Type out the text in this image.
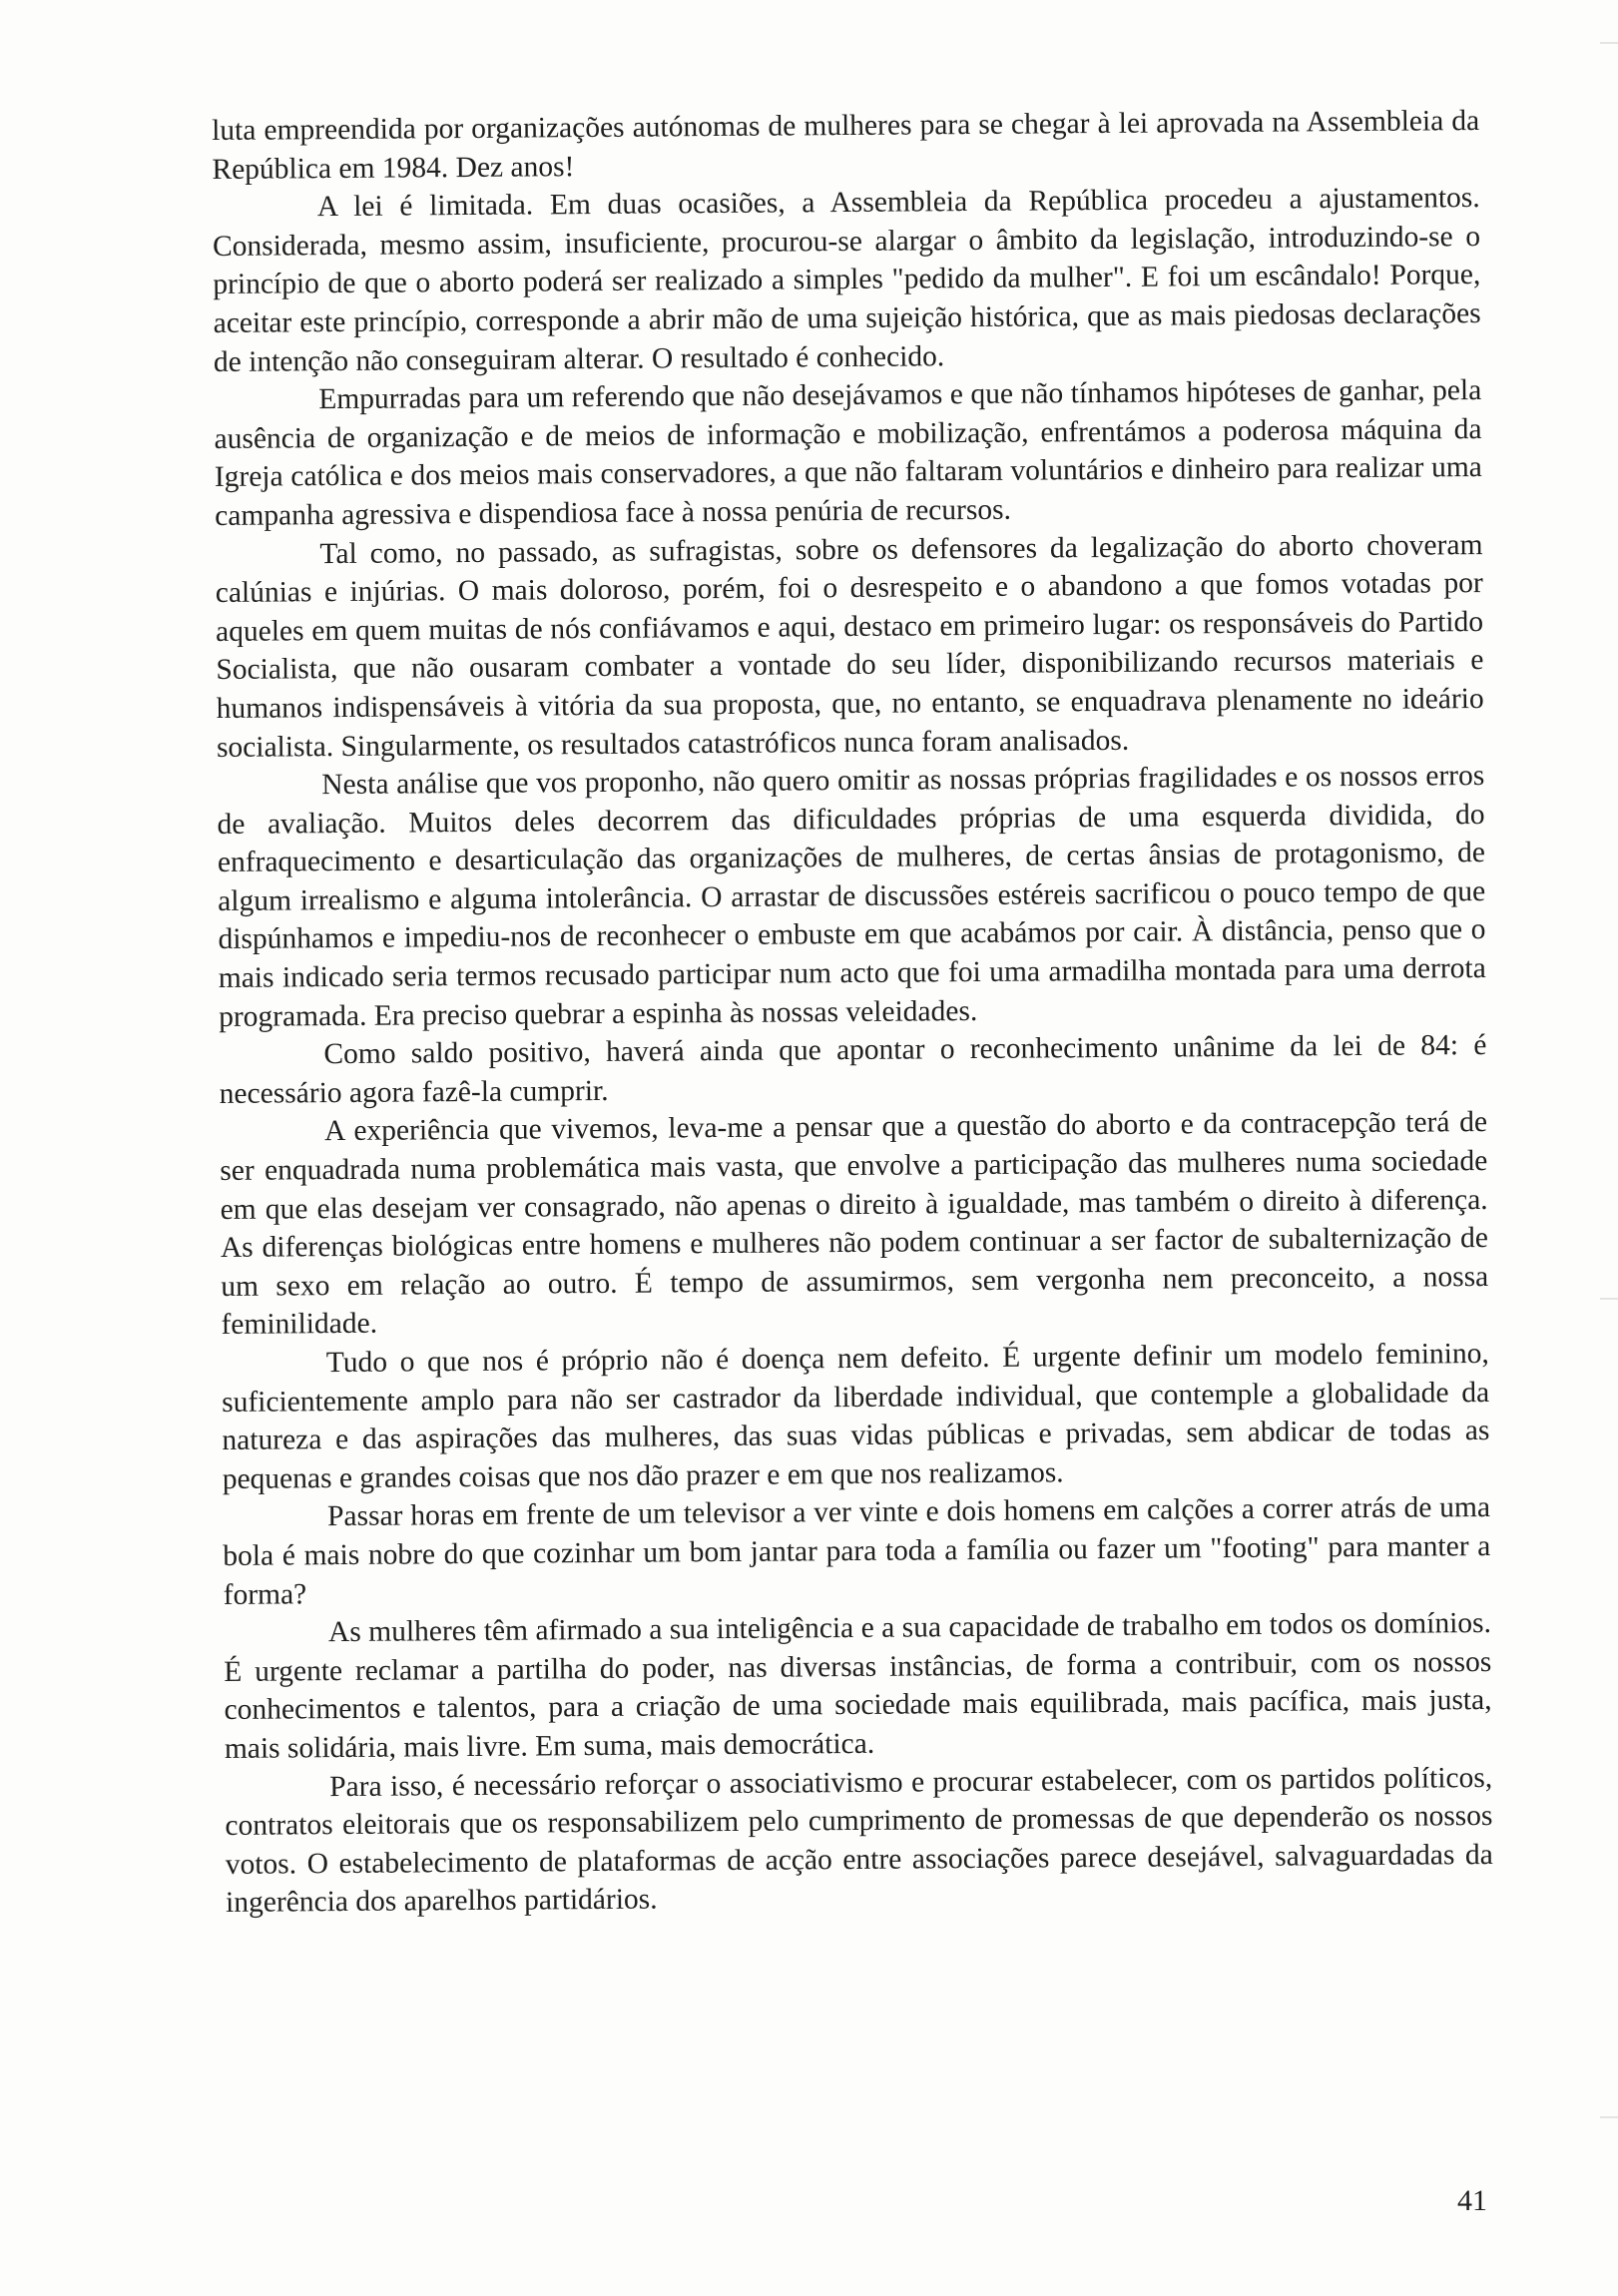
luta empreendida por organizações autónomas de mulheres para se chegar à lei aprovada na Assembleia da República em 1984. Dez anos!

A lei é limitada. Em duas ocasiões, a Assembleia da República procedeu a ajustamentos. Considerada, mesmo assim, insuficiente, procurou-se alargar o âmbito da legislação, introduzindo-se o princípio de que o aborto poderá ser realizado a simples "pedido da mulher". E foi um escândalo! Porque, aceitar este princípio, corresponde a abrir mão de uma sujeição histórica, que as mais piedosas declarações de intenção não conseguiram alterar. O resultado é conhecido.

Empurradas para um referendo que não desejávamos e que não tínhamos hipóteses de ganhar, pela ausência de organização e de meios de informação e mobilização, enfrentámos a poderosa máquina da Igreja católica e dos meios mais conservadores, a que não faltaram voluntários e dinheiro para realizar uma campanha agressiva e dispendiosa face à nossa penúria de recursos.

Tal como, no passado, as sufragistas, sobre os defensores da legalização do aborto choveram calúnias e injúrias. O mais doloroso, porém, foi o desrespeito e o abandono a que fomos votadas por aqueles em quem muitas de nós confiávamos e aqui, destaco em primeiro lugar: os responsáveis do Partido Socialista, que não ousaram combater a vontade do seu líder, disponibilizando recursos materiais e humanos indispensáveis à vitória da sua proposta, que, no entanto, se enquadrava plenamente no ideário socialista. Singularmente, os resultados catastróficos nunca foram analisados.

Nesta análise que vos proponho, não quero omitir as nossas próprias fragilidades e os nossos erros de avaliação. Muitos deles decorrem das dificuldades próprias de uma esquerda dividida, do enfraquecimento e desarticulação das organizações de mulheres, de certas ânsias de protagonismo, de algum irrealismo e alguma intolerância. O arrastar de discussões estéreis sacrificou o pouco tempo de que dispúnhamos e impediu-nos de reconhecer o embuste em que acabámos por cair. À distância, penso que o mais indicado seria termos recusado participar num acto que foi uma armadilha montada para uma derrota programada. Era preciso quebrar a espinha às nossas veleidades.

Como saldo positivo, haverá ainda que apontar o reconhecimento unânime da lei de 84: é necessário agora fazê-la cumprir.

A experiência que vivemos, leva-me a pensar que a questão do aborto e da contracepção terá de ser enquadrada numa problemática mais vasta, que envolve a participação das mulheres numa sociedade em que elas desejam ver consagrado, não apenas o direito à igualdade, mas também o direito à diferença. As diferenças biológicas entre homens e mulheres não podem continuar a ser factor de subalternização de um sexo em relação ao outro. É tempo de assumirmos, sem vergonha nem preconceito, a nossa feminilidade.

Tudo o que nos é próprio não é doença nem defeito. É urgente definir um modelo feminino, suficientemente amplo para não ser castrador da liberdade individual, que contemple a globalidade da natureza e das aspirações das mulheres, das suas vidas públicas e privadas, sem abdicar de todas as pequenas e grandes coisas que nos dão prazer e em que nos realizamos.

Passar horas em frente de um televisor a ver vinte e dois homens em calções a correr atrás de uma bola é mais nobre do que cozinhar um bom jantar para toda a família ou fazer um "footing" para manter a forma?

As mulheres têm afirmado a sua inteligência e a sua capacidade de trabalho em todos os domínios. É urgente reclamar a partilha do poder, nas diversas instâncias, de forma a contribuir, com os nossos conhecimentos e talentos, para a criação de uma sociedade mais equilibrada, mais pacífica, mais justa, mais solidária, mais livre. Em suma, mais democrática.

Para isso, é necessário reforçar o associativismo e procurar estabelecer, com os partidos políticos, contratos eleitorais que os responsabilizem pelo cumprimento de promessas de que dependerão os nossos votos. O estabelecimento de plataformas de acção entre associações parece desejável, salvaguardadas da ingerência dos aparelhos partidários.

41
